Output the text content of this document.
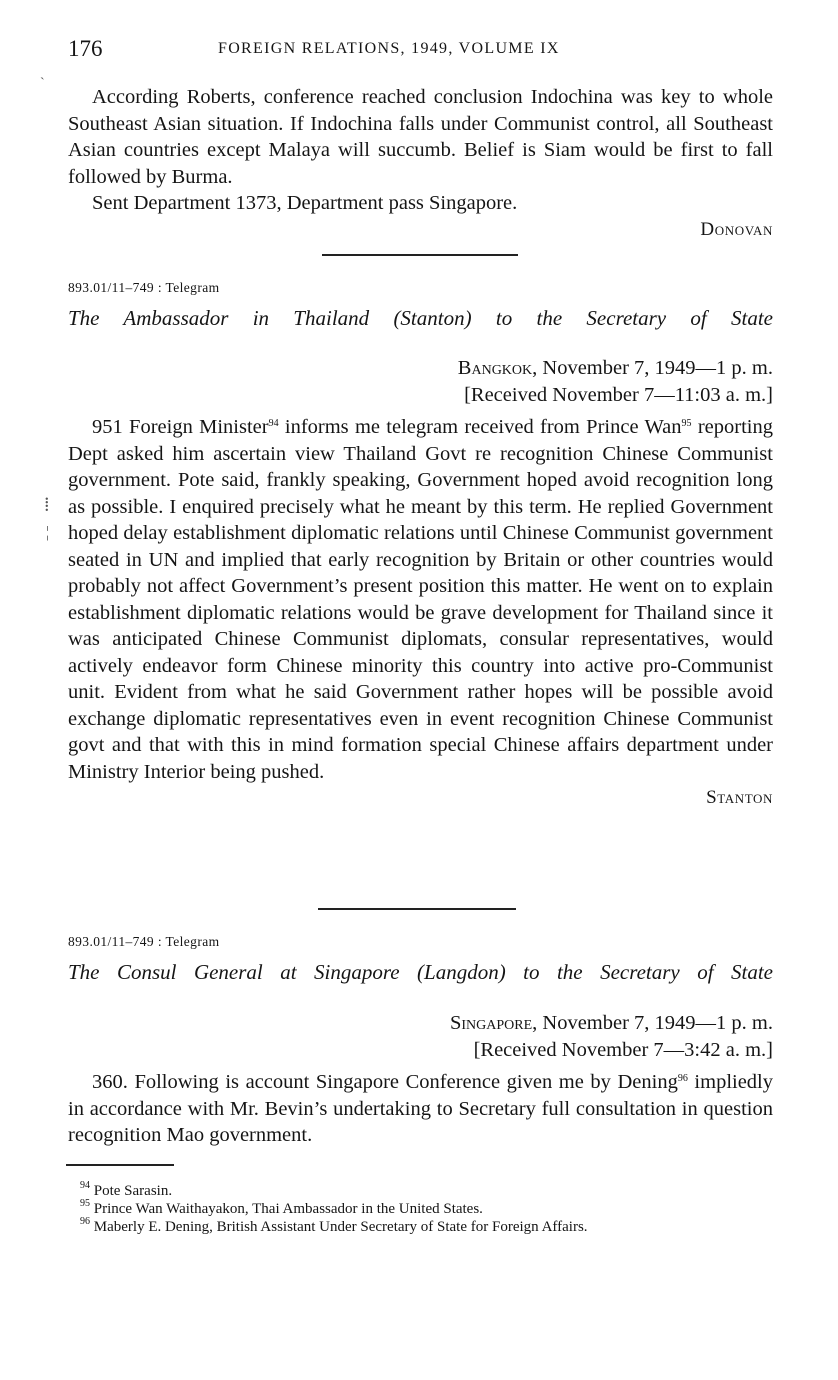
176	FOREIGN RELATIONS, 1949, VOLUME IX
`

According Roberts, conference reached conclusion Indochina was key to whole Southeast Asian situation. If Indochina falls under Communist control, all Southeast Asian countries except Malaya will succumb. Belief is Siam would be first to fall followed by Burma.

Sent Department 1373, Department pass Singapore.

Donovan

893.01/11–749 : Telegram
The Ambassador in Thailand (Stanton) to the Secretary of State
Bangkok, November 7, 1949—1 p. m.
[Received November 7—11:03 a. m.]
⁞
¦

951 Foreign Minister$^{94}$ informs me telegram received from Prince Wan$^{95}$ reporting Dept asked him ascertain view Thailand Govt re recognition Chinese Communist government. Pote said, frankly speaking, Government hoped avoid recognition long as possible. I enquired precisely what he meant by this term. He replied Government hoped delay establishment diplomatic relations until Chinese Communist government seated in UN and implied that early recognition by Britain or other countries would probably not affect Government’s present position this matter. He went on to explain establishment diplomatic relations would be grave development for Thailand since it was anticipated Chinese Communist diplomats, consular representatives, would actively endeavor form Chinese minority this country into active pro-Communist unit. Evident from what he said Government rather hopes will be possible avoid exchange diplomatic representatives even in event recognition Chinese Communist govt and that with this in mind formation special Chinese affairs department under Ministry Interior being pushed.

Stanton

893.01/11–749 : Telegram
The Consul General at Singapore (Langdon) to the Secretary of State
Singapore, November 7, 1949—1 p. m.
[Received November 7—3:42 a. m.]

360. Following is account Singapore Conference given me by Dening$^{96}$ impliedly in accordance with Mr. Bevin’s undertaking to Secretary full consultation in question recognition Mao government.

$^{94}$ Pote Sarasin.
$^{95}$ Prince Wan Waithayakon, Thai Ambassador in the United States.
$^{96}$ Maberly E. Dening, British Assistant Under Secretary of State for Foreign Affairs.
